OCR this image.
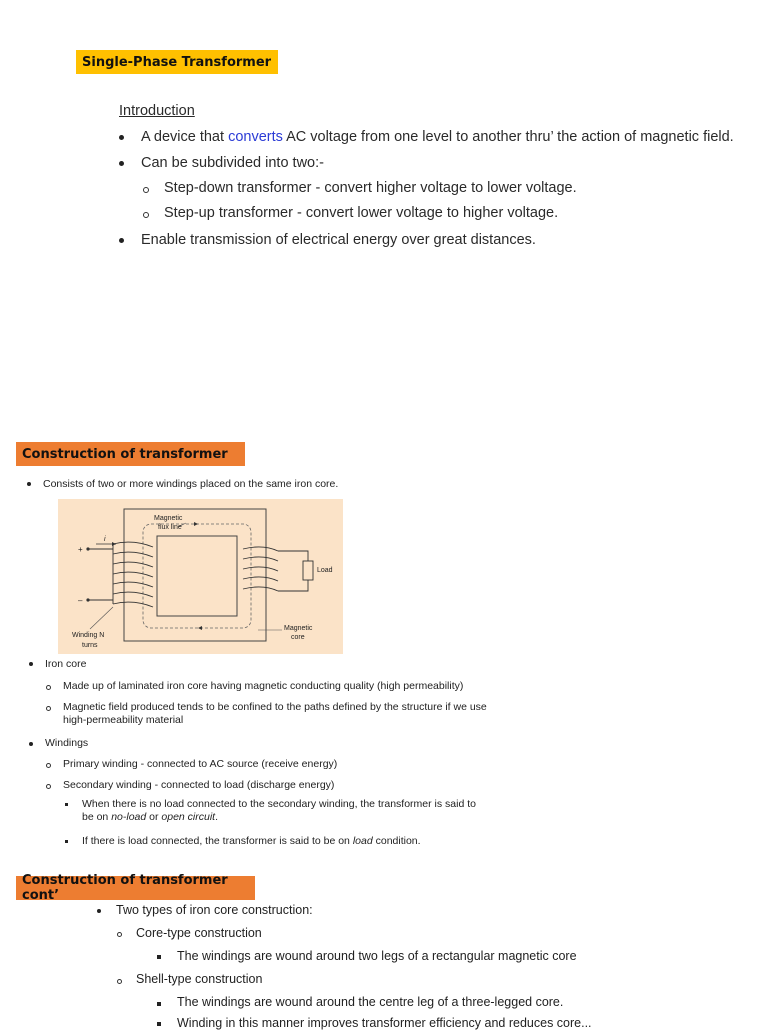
Single-Phase Transformer
Introduction
A device that converts AC voltage from one level to another thru’ the action of magnetic field.
Can be subdivided into two:-
Step-down transformer - convert higher voltage to lower voltage.
Step-up transformer - convert lower voltage to higher voltage.
Enable transmission of electrical energy over great distances.
Construction of transformer
Consists of two or more windings placed on the same iron core.
Magnetic
flux line
i
+
–
Load
Magnetic
core
Winding N
turns
Iron core
Made up of laminated iron core having magnetic conducting quality (high permeability)
Magnetic field produced tends to be confined to the paths defined by the structure if we use
high-permeability material
Windings
Primary winding - connected to AC source (receive energy)
Secondary winding - connected to load (discharge energy)
When there is no load connected to the secondary winding, the transformer is said to
be on no-load or open circuit.
If there is load connected, the transformer is said to be on load condition.
Construction of transformer cont’
Two types of iron core construction:
Core-type construction
The windings are wound around two legs of a rectangular magnetic core
Shell-type construction
The windings are wound around the centre leg of a three-legged core.
Winding in this manner improves transformer efficiency and reduces core...
